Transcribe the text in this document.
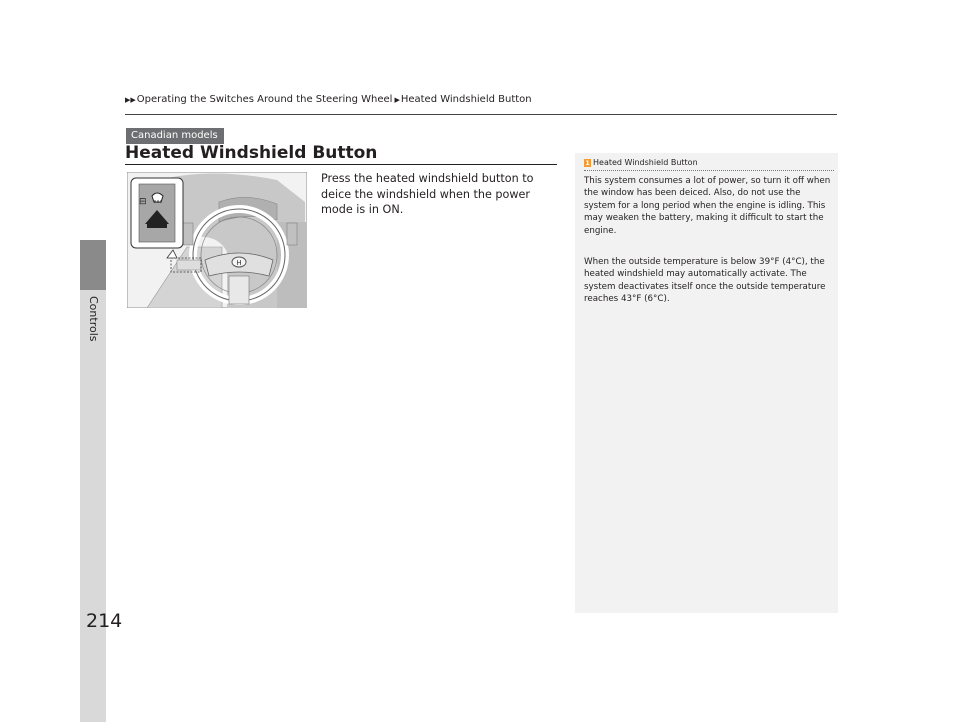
Controls
214
▶▶ Operating the Switches Around the Steering Wheel ▶ Heated Windshield Button
Canadian models
Heated Windshield Button
H
⊟
Press the heated windshield button to deice the windshield when the power mode is in ON.
1 Heated Windshield Button

This system consumes a lot of power, so turn it off when the window has been deiced. Also, do not use the system for a long period when the engine is idling. This may weaken the battery, making it difficult to start the engine.

When the outside temperature is below 39°F (4°C), the heated windshield may automatically activate. The system deactivates itself once the outside temperature reaches 43°F (6°C).
